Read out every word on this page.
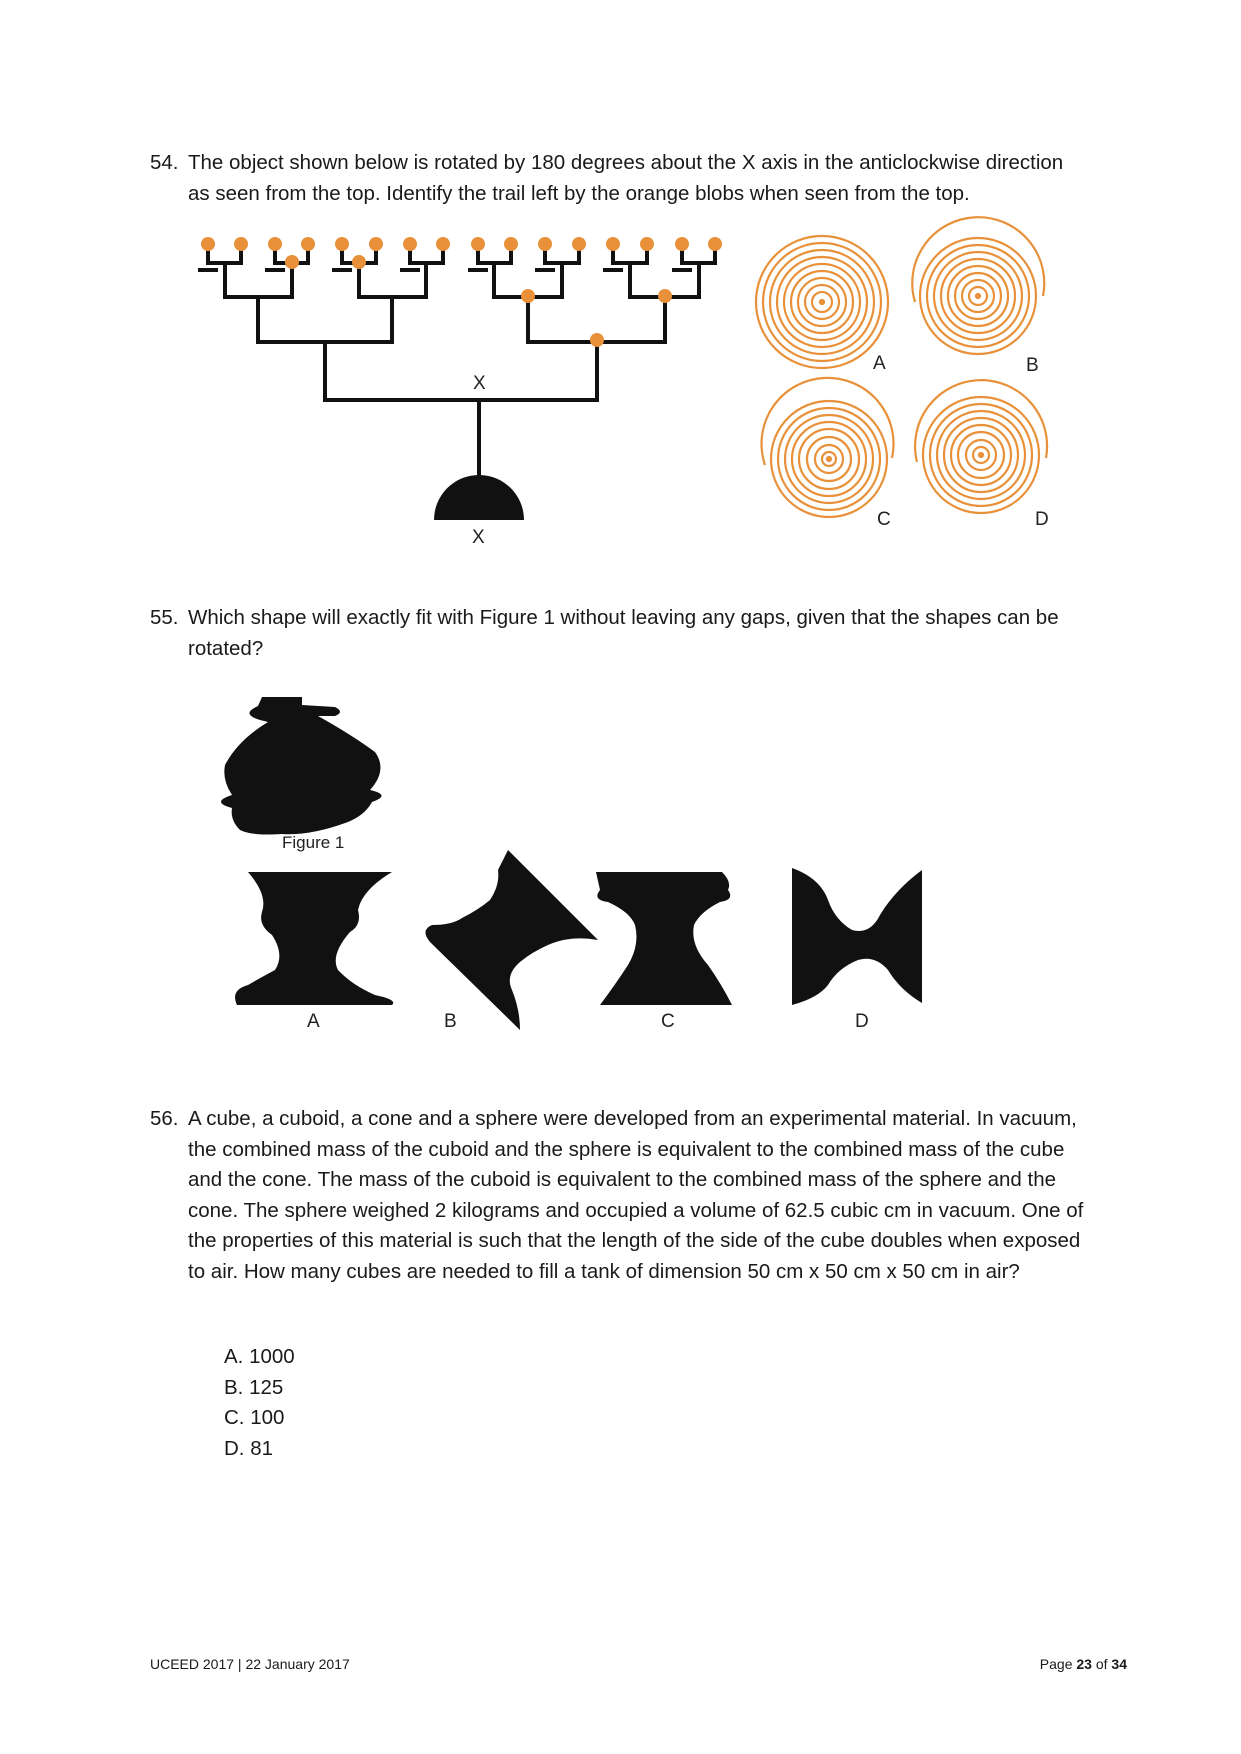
54. The object shown below is rotated by 180 degrees about the X axis in the anticlockwise direction as seen from the top. Identify the trail left by the orange blobs when seen from the top.
X
X
A	B
C	D
55. Which shape will exactly fit with Figure 1 without leaving any gaps, given that the shapes can be rotated?
Figure 1
A	B	C	D
56. A cube, a cuboid, a cone and a sphere were developed from an experimental material. In vacuum, the combined mass of the cuboid and the sphere is equivalent to the combined mass of the cube and the cone. The mass of the cuboid is equivalent to the combined mass of the sphere and the cone. The sphere weighed 2 kilograms and occupied a volume of 62.5 cubic cm in vacuum. One of the properties of this material is such that the length of the side of the cube doubles when exposed to air. How many cubes are needed to fill a tank of dimension 50 cm x 50 cm x 50 cm in air?
A. 1000
B. 125
C. 100
D. 81
UCEED 2017 | 22 January 2017	Page 23 of 34
